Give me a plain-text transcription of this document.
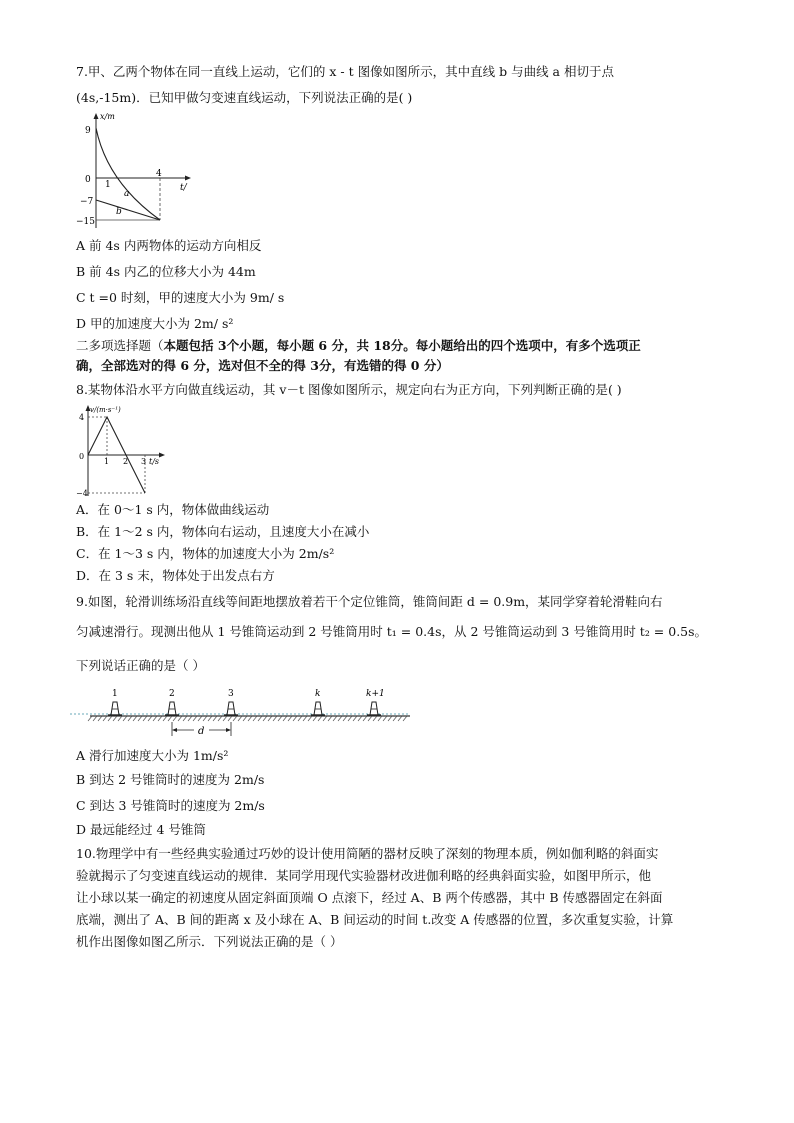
7.甲、乙两个物体在同一直线上运动，它们的 x - t 图像如图所示，其中直线 b 与曲线 a 相切于点
(4s,-15m)．已知甲做匀变速直线运动，下列说法正确的是( )
x/m
t/
9
0 1
−7
−15
4
a
b
A 前 4s 内两物体的运动方向相反
B 前 4s 内乙的位移大小为 44m
C t =0 时刻，甲的速度大小为 9m/ s
D 甲的加速度大小为 2m/ s²
二多项选择题（本题包括 3个小题，每小题 6 分，共 18分。每小题给出的四个选项中，有多个选项正
确，全部选对的得 6 分，选对但不全的得 3分，有选错的得 0 分）
8.某物体沿水平方向做直线运动，其 v－t 图像如图所示，规定向右为正方向，下列判断正确的是( )
v/(m·s⁻¹)
t/s
4
0
−4
1 2 3
A．在 0～1 s 内，物体做曲线运动
B．在 1～2 s 内，物体向右运动，且速度大小在减小
C．在 1～3 s 内，物体的加速度大小为 2m/s²
D．在 3 s 末，物体处于出发点右方
9.如图，轮滑训练场沿直线等间距地摆放着若干个定位锥筒，锥筒间距 d = 0.9m，某同学穿着轮滑鞋向右
匀减速滑行。现测出他从 1 号锥筒运动到 2 号锥筒用时 t₁ = 0.4s，从 2 号锥筒运动到 3 号锥筒用时 t₂ = 0.5s。
下列说话正确的是（ ）
1	2	3	k	k+1
d
A 滑行加速度大小为 1m/s²
B 到达 2 号锥筒时的速度为 2m/s
C 到达 3 号锥筒时的速度为 2m/s
D 最远能经过 4 号锥筒
10.物理学中有一些经典实验通过巧妙的设计使用简陋的器材反映了深刻的物理本质，例如伽利略的斜面实
验就揭示了匀变速直线运动的规律．某同学用现代实验器材改进伽利略的经典斜面实验，如图甲所示，他
让小球以某一确定的初速度从固定斜面顶端 O 点滚下，经过 A、B 两个传感器，其中 B 传感器固定在斜面
底端，测出了 A、B 间的距离 x 及小球在 A、B 间运动的时间 t.改变 A 传感器的位置，多次重复实验，计算
机作出图像如图乙所示．下列说法正确的是（ ）
